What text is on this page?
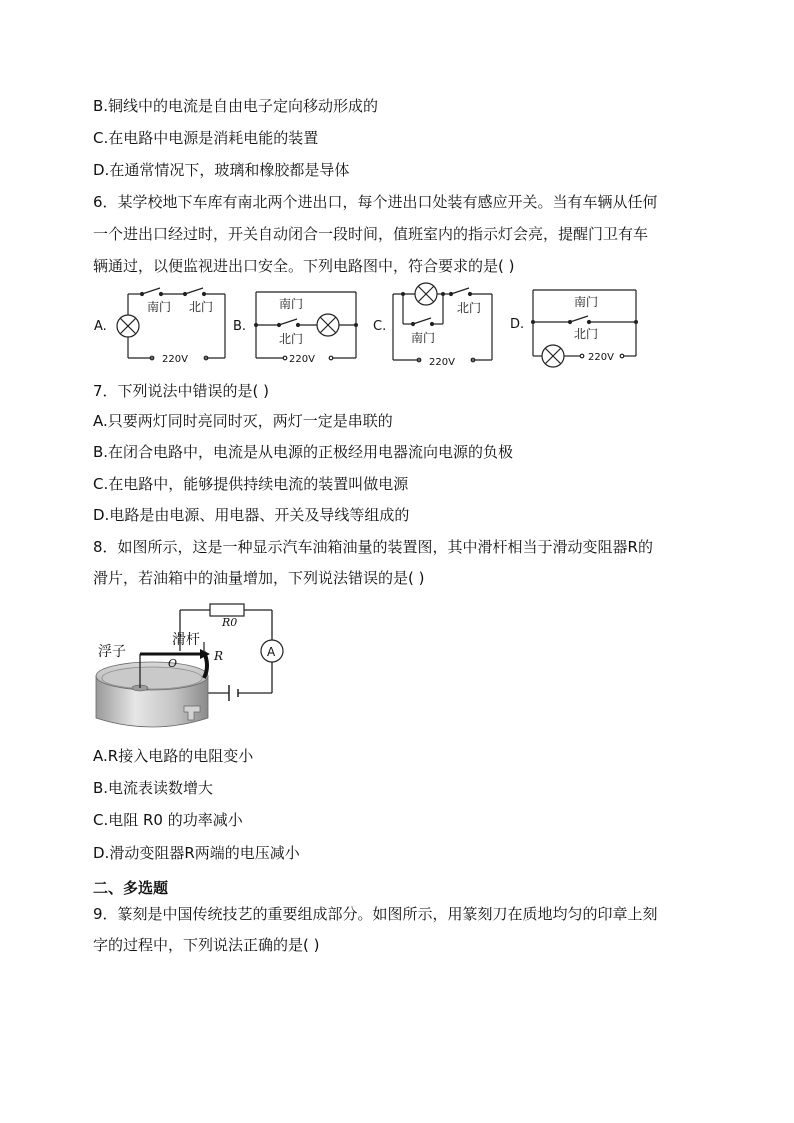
B.铜线中的电流是自由电子定向移动形成的
C.在电路中电源是消耗电能的装置
D.在通常情况下，玻璃和橡胶都是导体
6．某学校地下车库有南北两个进出口，每个进出口处装有感应开关。当有车辆从任何
一个进出口经过时，开关自动闭合一段时间，值班室内的指示灯会亮，提醒门卫有车
辆通过，以便监视进出口安全。下列电路图中，符合要求的是( )
A.
南门 北门
220V
B.
南门
北门
220V
C.
北门
南门
220V
D.
南门
北门
220V
7．下列说法中错误的是( )
A.只要两灯同时亮同时灭，两灯一定是串联的
B.在闭合电路中，电流是从电源的正极经用电器流向电源的负极
C.在电路中，能够提供持续电流的装置叫做电源
D.电路是由电源、用电器、开关及导线等组成的
8．如图所示，这是一种显示汽车油箱油量的装置图，其中滑杆相当于滑动变阻器R的
滑片，若油箱中的油量增加，下列说法错误的是( )
浮子
滑杆
O
R
R0
A
A.R接入电路的电阻变小
B.电流表读数增大
C.电阻 R0 的功率减小
D.滑动变阻器R两端的电压减小
二、多选题
9．篆刻是中国传统技艺的重要组成部分。如图所示，用篆刻刀在质地均匀的印章上刻
字的过程中，下列说法正确的是( )
